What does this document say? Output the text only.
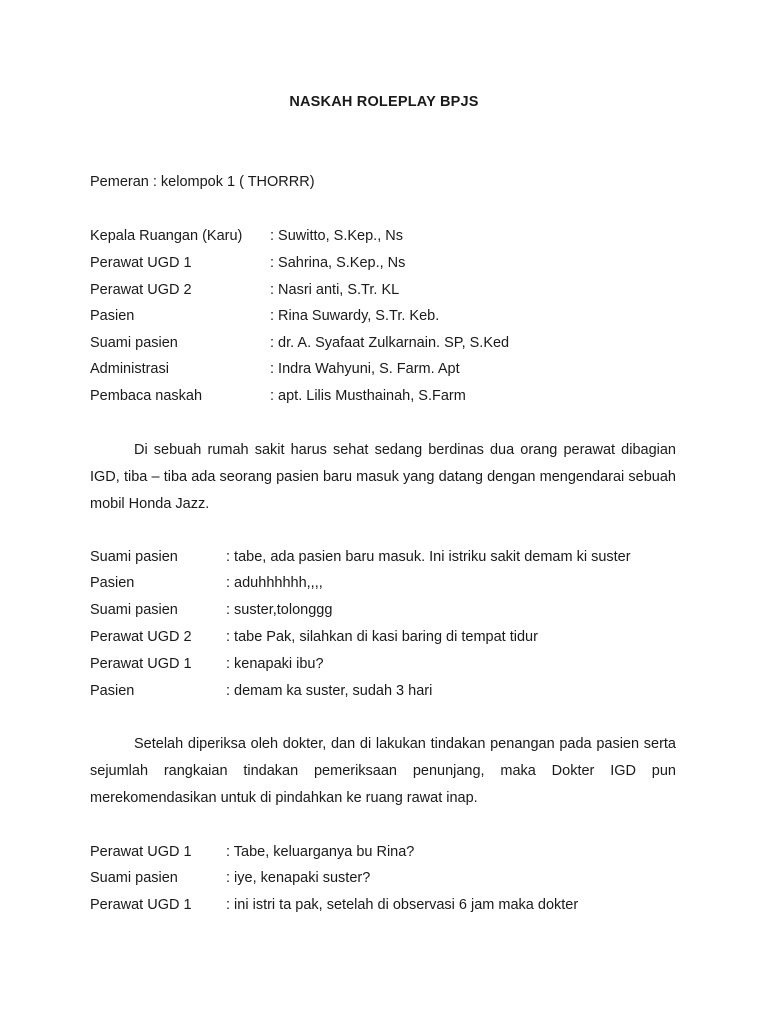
NASKAH ROLEPLAY BPJS
Pemeran : kelompok 1 ( THORRR)
Kepala Ruangan (Karu) : Suwitto, S.Kep., Ns
Perawat UGD 1	: Sahrina, S.Kep., Ns
Perawat UGD 2	: Nasri anti, S.Tr. KL
Pasien	: Rina Suwardy, S.Tr. Keb.
Suami pasien	: dr. A. Syafaat Zulkarnain. SP, S.Ked
Administrasi	: Indra Wahyuni, S. Farm. Apt
Pembaca naskah	: apt. Lilis Musthainah, S.Farm
Di sebuah rumah sakit harus sehat sedang berdinas dua orang perawat dibagian IGD, tiba – tiba ada seorang pasien baru masuk yang datang dengan mengendarai sebuah mobil Honda Jazz.
Suami pasien	: tabe, ada pasien baru masuk. Ini istriku sakit demam ki suster
Pasien	: aduhhhhhh,,,,
Suami pasien	: suster,tolonggg
Perawat UGD 2 : tabe Pak, silahkan di kasi baring di tempat tidur
Perawat UGD 1 : kenapaki ibu?
Pasien	: demam ka suster, sudah 3 hari
Setelah diperiksa oleh dokter, dan di lakukan tindakan penangan pada pasien serta sejumlah rangkaian tindakan pemeriksaan penunjang, maka Dokter IGD pun merekomendasikan untuk di pindahkan ke ruang rawat inap.
Perawat UGD 1 : Tabe, keluarganya bu Rina?
Suami pasien	: iye, kenapaki suster?
Perawat UGD 1 : ini istri ta pak, setelah di observasi 6 jam maka dokter
